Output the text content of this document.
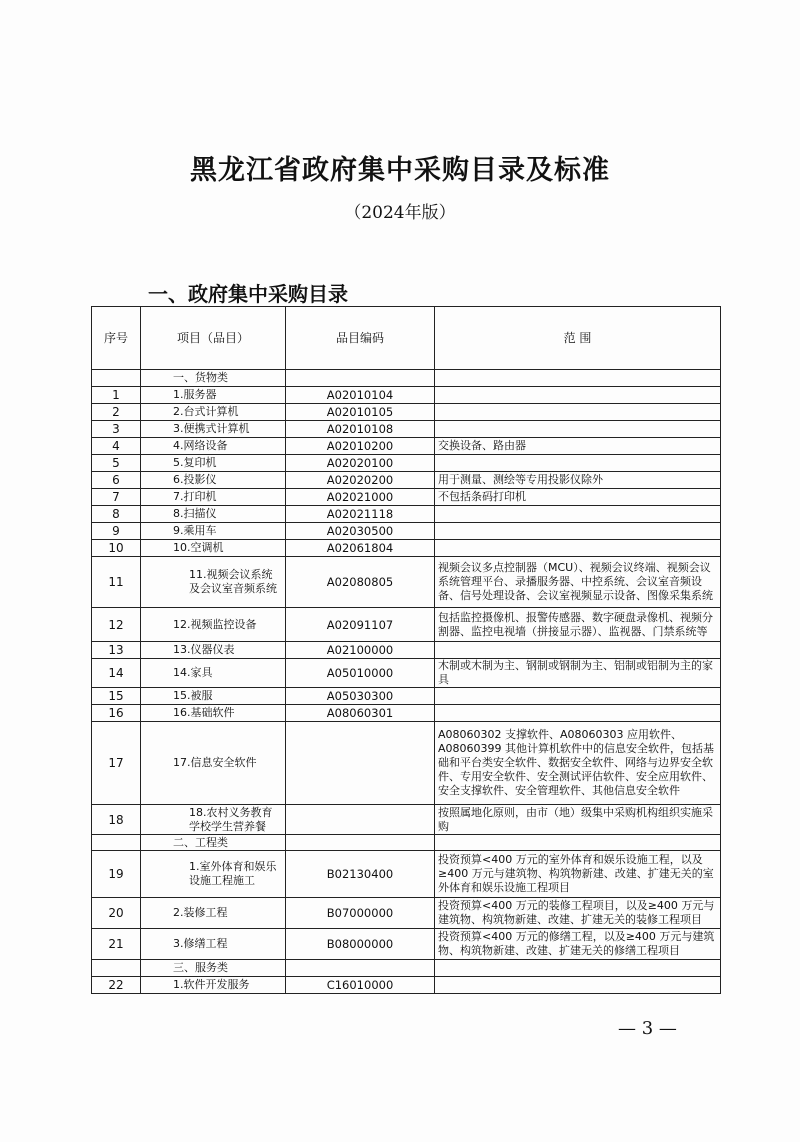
黑龙江省政府集中采购目录及标准
（2024年版）
一、政府集中采购目录
序号	项目（品目）	品目编码	范 围
	一、货物类		
1	1.服务器	A02010104	
2	2.台式计算机	A02010105	
3	3.便携式计算机	A02010108	
4	4.网络设备	A02010200	交换设备、路由器
5	5.复印机	A02020100	
6	6.投影仪	A02020200	用于测量、测绘等专用投影仪除外
7	7.打印机	A02021000	不包括条码打印机
8	8.扫描仪	A02021118	
9	9.乘用车	A02030500	
10	10.空调机	A02061804	
11	11.视频会议系统及会议室音频系统	A02080805	视频会议多点控制器（MCU）、视频会议终端、视频会议系统管理平台、录播服务器、中控系统、会议室音频设备、信号处理设备、会议室视频显示设备、图像采集系统
12	12.视频监控设备	A02091107	包括监控摄像机、报警传感器、数字硬盘录像机、视频分割器、监控电视墙（拼接显示器）、监视器、门禁系统等
13	13.仪器仪表	A02100000	
14	14.家具	A05010000	木制或木制为主、钢制或钢制为主、铝制或铝制为主的家具
15	15.被服	A05030300	
16	16.基础软件	A08060301	
17	17.信息安全软件		A08060302 支撑软件、A08060303 应用软件、A08060399 其他计算机软件中的信息安全软件，包括基础和平台类安全软件、数据安全软件、网络与边界安全软件、专用安全软件、安全测试评估软件、安全应用软件、安全支撑软件、安全管理软件、其他信息安全软件
18	18.农村义务教育学校学生营养餐		按照属地化原则，由市（地）级集中采购机构组织实施采购
	二、工程类		
19	1.室外体育和娱乐设施工程施工	B02130400	投资预算<400 万元的室外体育和娱乐设施工程，以及≥400 万元与建筑物、构筑物新建、改建、扩建无关的室外体育和娱乐设施工程项目
20	2.装修工程	B07000000	投资预算<400 万元的装修工程项目，以及≥400 万元与建筑物、构筑物新建、改建、扩建无关的装修工程项目
21	3.修缮工程	B08000000	投资预算<400 万元的修缮工程，以及≥400 万元与建筑物、构筑物新建、改建、扩建无关的修缮工程项目
	三、服务类		
22	1.软件开发服务	C16010000	
— 3 —
